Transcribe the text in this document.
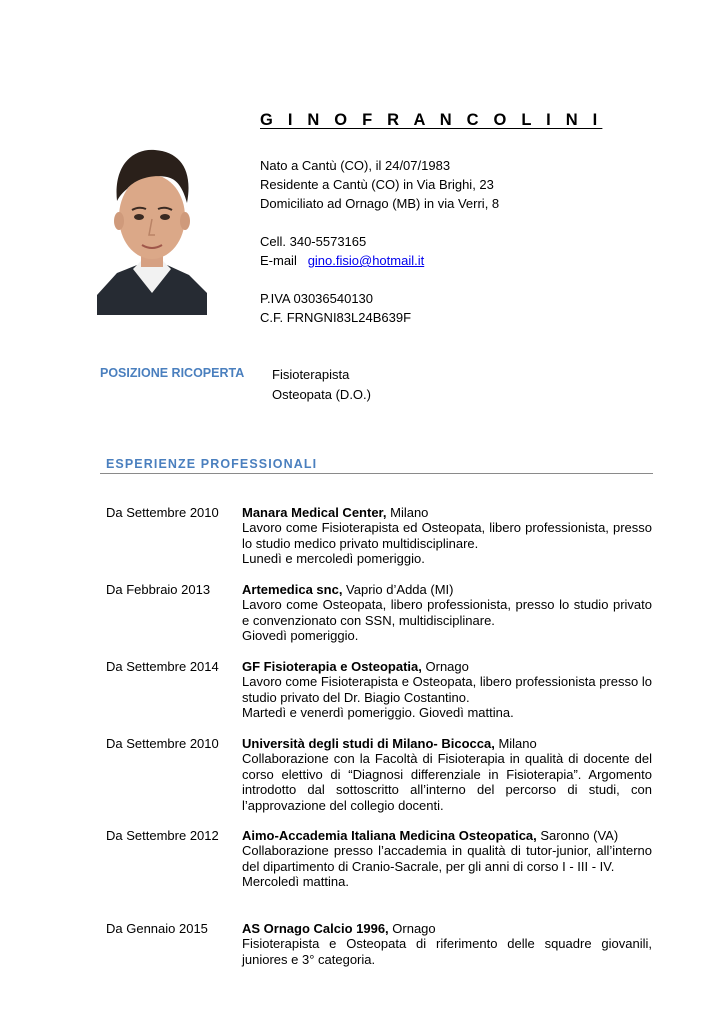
G I N O F R A N C O L I N I
Nato a Cantù (CO), il 24/07/1983
Residente a Cantù (CO) in Via Brighi, 23
Domiciliato ad Ornago (MB) in via Verri, 8
Cell. 340-5573165
E-mail gino.fisio@hotmail.it
P.IVA 03036540130
C.F. FRNGNI83L24B639F
POSIZIONE RICOPERTA Fisioterapista
Osteopata (D.O.)
ESPERIENZE PROFESSIONALI
Da Settembre 2010	Manara Medical Center, Milano
Lavoro come Fisioterapista ed Osteopata, libero professionista, presso lo studio medico privato multidisciplinare.
Lunedì e mercoledì pomeriggio.
Da Febbraio 2013	Artemedica snc, Vaprio d’Adda (MI)
Lavoro come Osteopata, libero professionista, presso lo studio privato e convenzionato con SSN, multidisciplinare.
Giovedì pomeriggio.
Da Settembre 2014	GF Fisioterapia e Osteopatia, Ornago
Lavoro come Fisioterapista e Osteopata, libero professionista presso lo studio privato del Dr. Biagio Costantino.
Martedì e venerdì pomeriggio. Giovedì mattina.
Da Settembre 2010	Università degli studi di Milano- Bicocca, Milano
Collaborazione con la Facoltà di Fisioterapia in qualità di docente del corso elettivo di “Diagnosi differenziale in Fisioterapia”. Argomento introdotto dal sottoscritto all’interno del percorso di studi, con l’approvazione del collegio docenti.
Da Settembre 2012	Aimo-Accademia Italiana Medicina Osteopatica, Saronno (VA)
Collaborazione presso l’accademia in qualità di tutor-junior, all’interno del dipartimento di Cranio-Sacrale, per gli anni di corso I - III - IV.
Mercoledì mattina.
Da Gennaio 2015	AS Ornago Calcio 1996, Ornago
Fisioterapista e Osteopata di riferimento delle squadre giovanili, juniores e 3° categoria.
